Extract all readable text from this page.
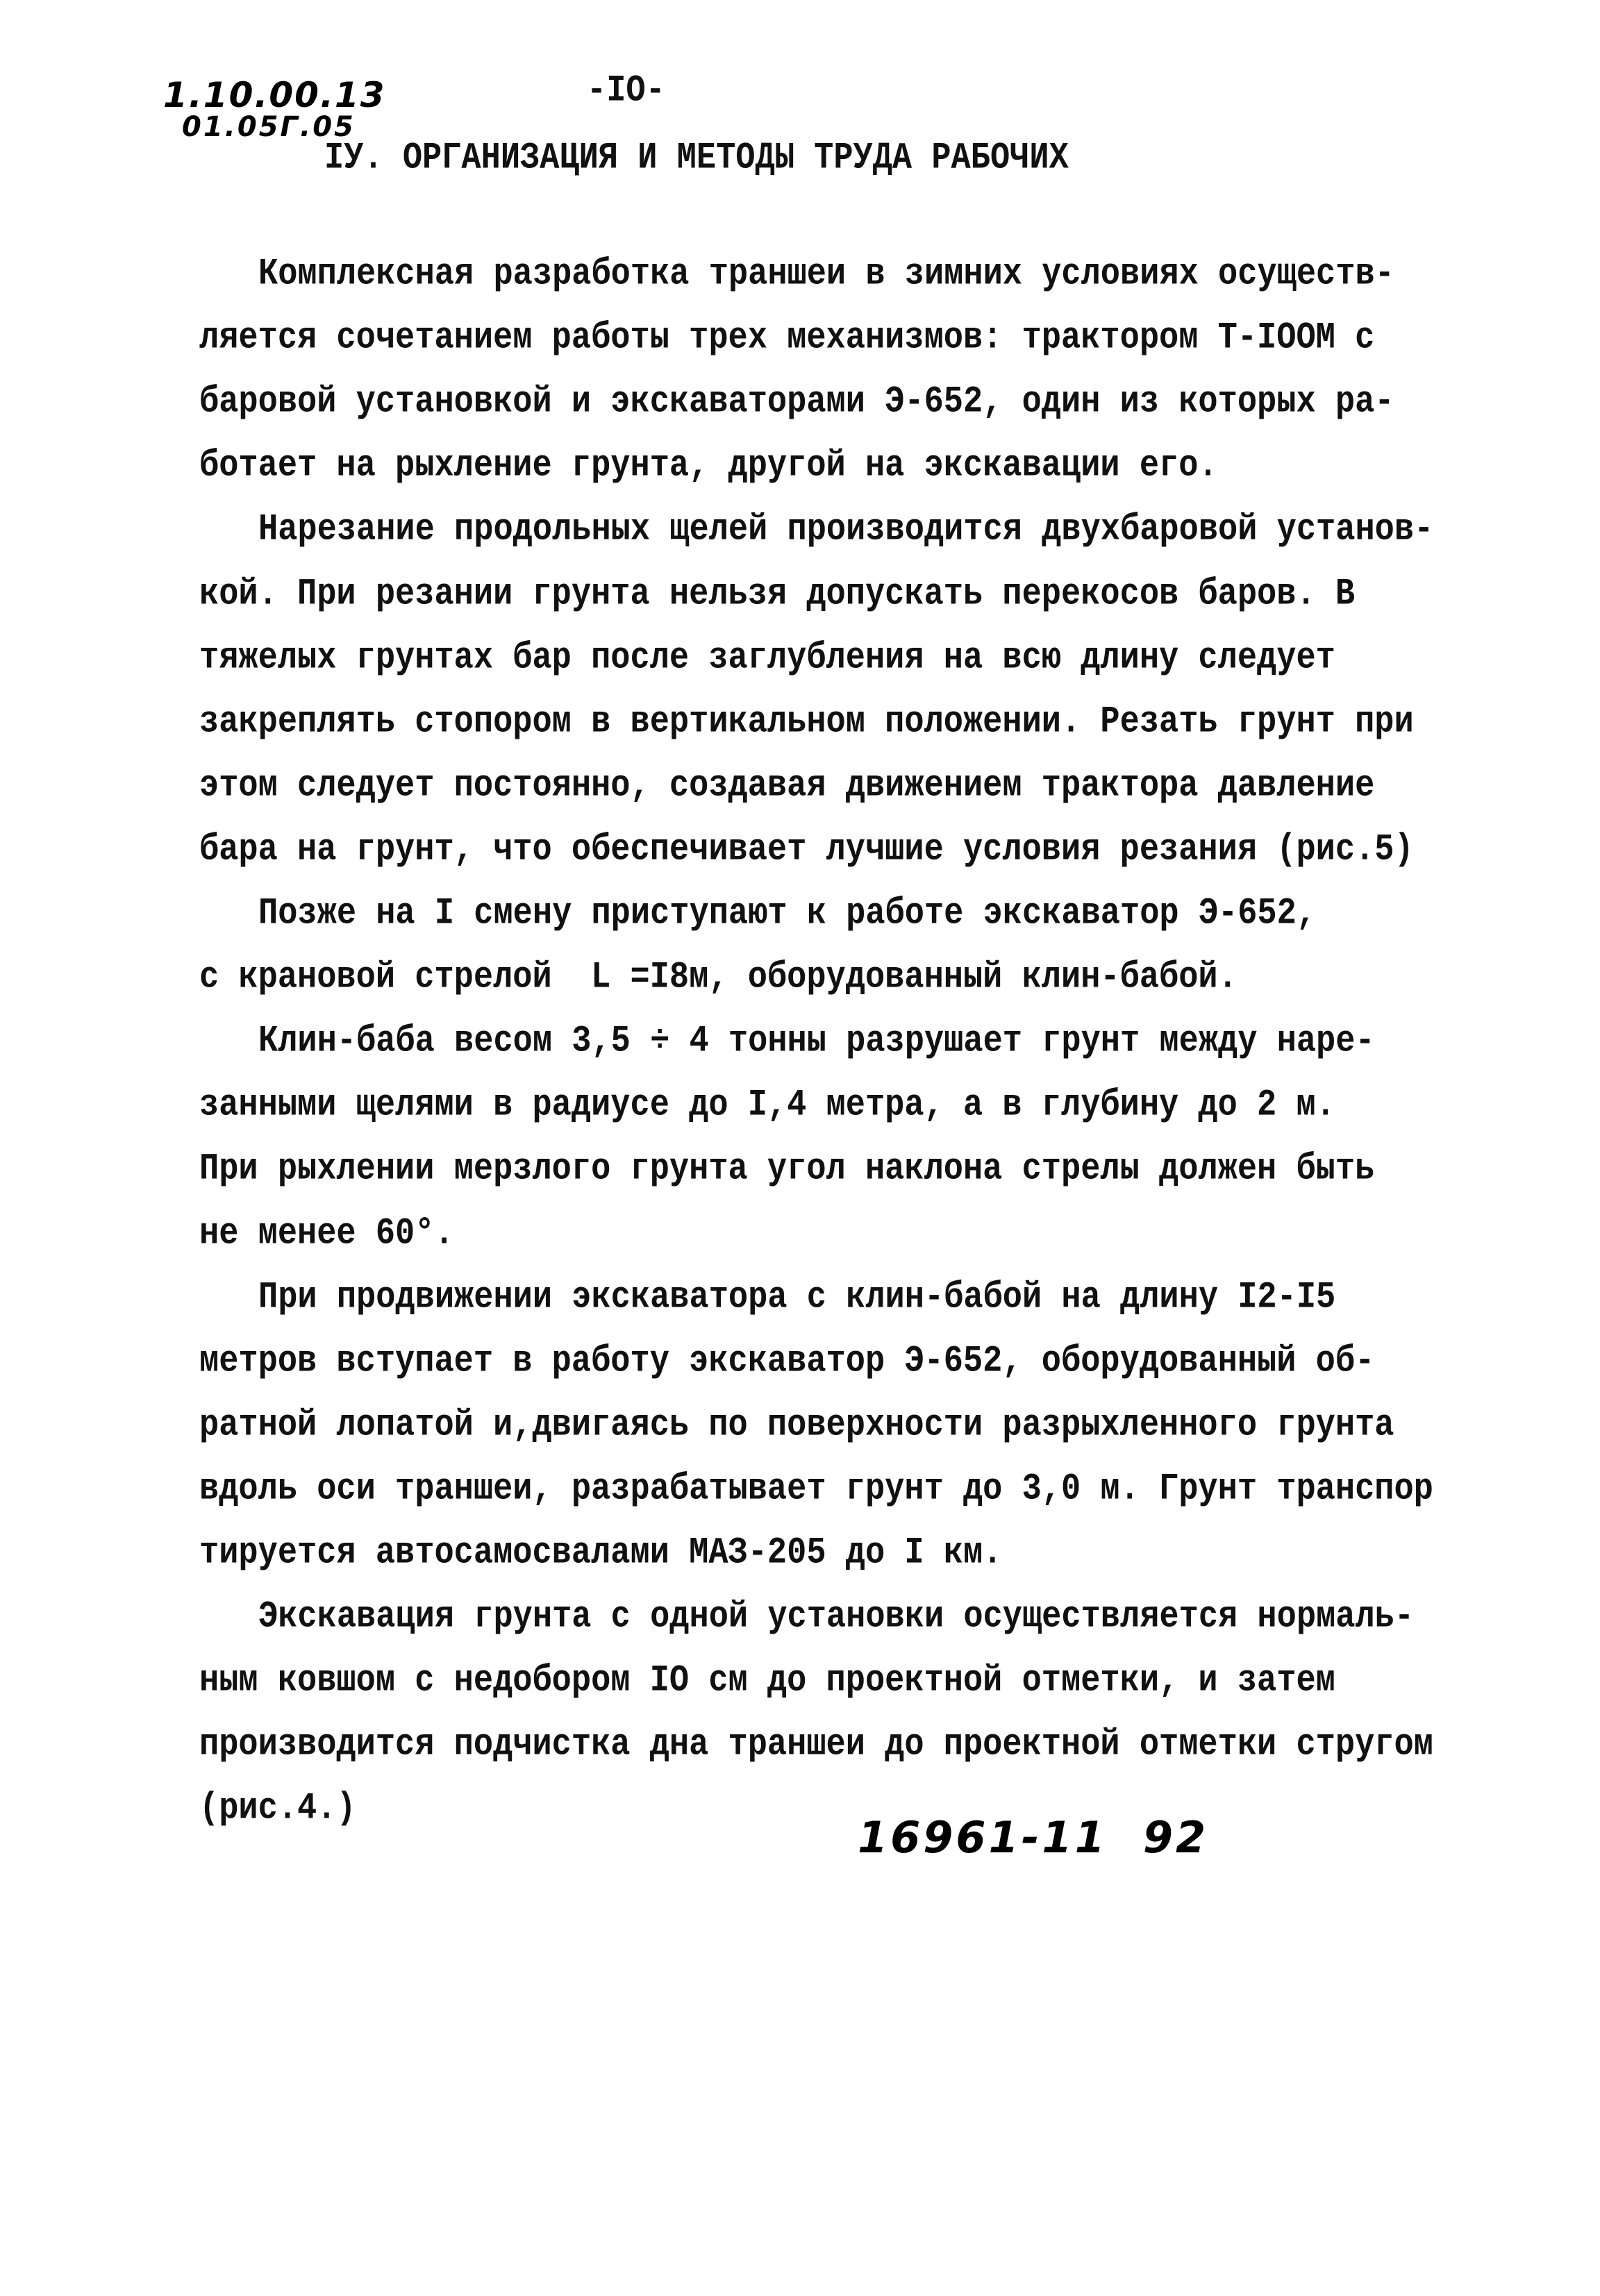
1.10.00.13
01.05Г.05
-IO-
IУ. ОРГАНИЗАЦИЯ И МЕТОДЫ ТРУДА РАБОЧИХ
Комплексная разработка траншеи в зимних условиях осуществ-
ляется сочетанием работы трех механизмов: трактором Т-IOOМ с
баровой установкой и экскаваторами Э-652, один из которых ра-
ботает на рыхление грунта, другой на экскавации его.
Нарезание продольных щелей производится двухбаровой установ-
кой. При резании грунта нельзя допускать перекосов баров. В
тяжелых грунтах бар после заглубления на всю длину следует
закреплять стопором в вертикальном положении. Резать грунт при
этом следует постоянно, создавая движением трактора давление
бара на грунт, что обеспечивает лучшие условия резания (рис.5)
Позже на I смену приступают к работе экскаватор Э-652,
с крановой стрелой  L =I8м, оборудованный клин-бабой.
Клин-баба весом 3,5 ÷ 4 тонны разрушает грунт между наре-
занными щелями в радиусе до I,4 метра, а в глубину до 2 м.
При рыхлении мерзлого грунта угол наклона стрелы должен быть
не менее 60°.
При продвижении экскаватора с клин-бабой на длину I2-I5
метров вступает в работу экскаватор Э-652, оборудованный об-
ратной лопатой и,двигаясь по поверхности разрыхленного грунта
вдоль оси траншеи, разрабатывает грунт до 3,0 м. Грунт транспор
тируется автосамосвалами МАЗ-205 до I км.
Экскавация грунта с одной установки осуществляется нормаль-
ным ковшом с недобором IO см до проектной отметки, и затем
производится подчистка дна траншеи до проектной отметки стругом
(рис.4.)
16961-11  92
